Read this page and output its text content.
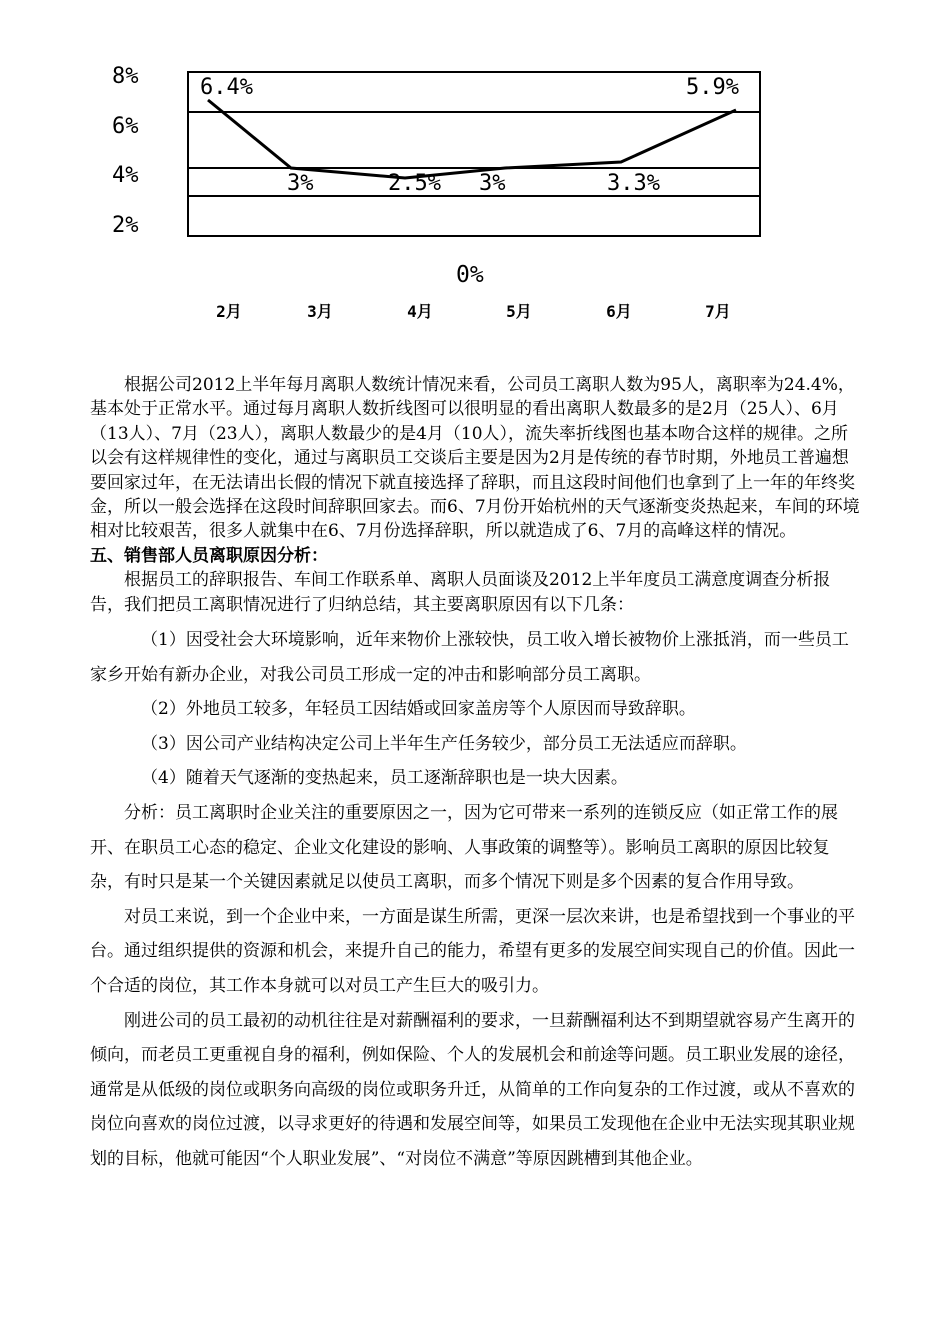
8%
6%
4%
2%
6.4%
3%	2.5% 3%	3.3%
5.9%
0%
2月	3月	4月	5月	6月	7月

根据公司2012上半年每月离职人数统计情况来看，公司员工离职人数为95人，离职率为24.4%，基本处于正常水平。通过每月离职人数折线图可以很明显的看出离职人数最多的是2月（25人）、6月（13人）、7月（23人），离职人数最少的是4月（10人），流失率折线图也基本吻合这样的规律。之所以会有这样规律性的变化，通过与离职员工交谈后主要是因为2月是传统的春节时期，外地员工普遍想要回家过年，在无法请出长假的情况下就直接选择了辞职，而且这段时间他们也拿到了上一年的年终奖金，所以一般会选择在这段时间辞职回家去。而6、7月份开始杭州的天气逐渐变炎热起来，车间的环境相对比较艰苦，很多人就集中在6、7月份选择辞职，所以就造成了6、7月的高峰这样的情况。

五、销售部人员离职原因分析：

根据员工的辞职报告、车间工作联系单、离职人员面谈及2012上半年度员工满意度调查分析报告，我们把员工离职情况进行了归纳总结，其主要离职原因有以下几条：

（1）因受社会大环境影响，近年来物价上涨较快，员工收入增长被物价上涨抵消，而一些员工家乡开始有新办企业，对我公司员工形成一定的冲击和影响部分员工离职。

（2）外地员工较多，年轻员工因结婚或回家盖房等个人原因而导致辞职。

（3）因公司产业结构决定公司上半年生产任务较少，部分员工无法适应而辞职。

（4）随着天气逐渐的变热起来，员工逐渐辞职也是一块大因素。

分析：员工离职时企业关注的重要原因之一，因为它可带来一系列的连锁反应（如正常工作的展开、在职员工心态的稳定、企业文化建设的影响、人事政策的调整等）。影响员工离职的原因比较复杂，有时只是某一个关键因素就足以使员工离职，而多个情况下则是多个因素的复合作用导致。

对员工来说，到一个企业中来，一方面是谋生所需，更深一层次来讲，也是希望找到一个事业的平台。通过组织提供的资源和机会，来提升自己的能力，希望有更多的发展空间实现自己的价值。因此一个合适的岗位，其工作本身就可以对员工产生巨大的吸引力。

刚进公司的员工最初的动机往往是对薪酬福利的要求，一旦薪酬福利达不到期望就容易产生离开的倾向，而老员工更重视自身的福利，例如保险、个人的发展机会和前途等问题。员工职业发展的途径，通常是从低级的岗位或职务向高级的岗位或职务升迁，从简单的工作向复杂的工作过渡，或从不喜欢的岗位向喜欢的岗位过渡，以寻求更好的待遇和发展空间等，如果员工发现他在企业中无法实现其职业规划的目标，他就可能因“个人职业发展”、“对岗位不满意”等原因跳槽到其他企业。
